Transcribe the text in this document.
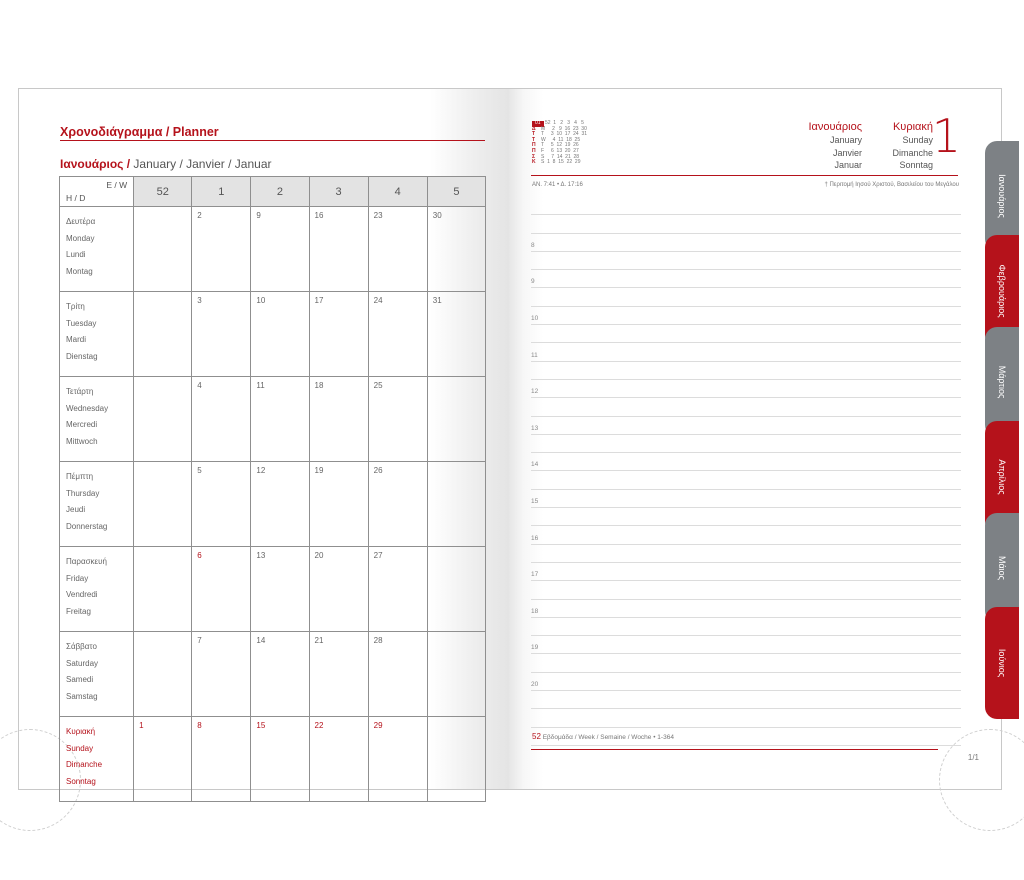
Χρονοδιάγραμμα / Planner
Ιανουάριος / January / Janvier / Januar
E / W
H / D	52	1	2	3	4	5
Δευτέρα
Monday
Lundi
Montag		2	9	16	23	30
Τρίτη
Tuesday
Mardi
Dienstag		3	10	17	24	31
Τετάρτη
Wednesday
Mercredi
Mittwoch		4	11	18	25	
Πέμπτη
Thursday
Jeudi
Donnerstag		5	12	19	26	
Παρασκευή
Friday
Vendredi
Freitag		6	13	20	27	
Σάββατο
Saturday
Samedi
Samstag		7	14	21	28	
Κυριακή
Sunday
Dimanche
Sonntag	1	8	15	22	29	
01 52  1   2   3   4   5
Δ M     2   9  16  23  30
Τ T     3  10  17  24  31
Τ W     4  11  18  25
Π T     5  12  19  26
Π F     6  13  20  27
Σ S     7  14  21  28
Κ S  1  8  15  22  29
Ιανουάριος
January
Janvier
Januar
Κυριακή
Sunday
Dimanche
Sonntag
1
ΑΝ. 7:41 • Δ. 17:16	† Περιτομή Ιησού Χριστού, Βασιλείου του Μεγάλου
8
9
10
11
12
13
14
15
16
17
18
19
20
52 Εβδομάδα / Week / Semaine / Woche • 1-364
1/1
Ιανουάριος
Φεβρουάριος
Μάρτιος
Απρίλιος
Μάιος
Ιούνιος
